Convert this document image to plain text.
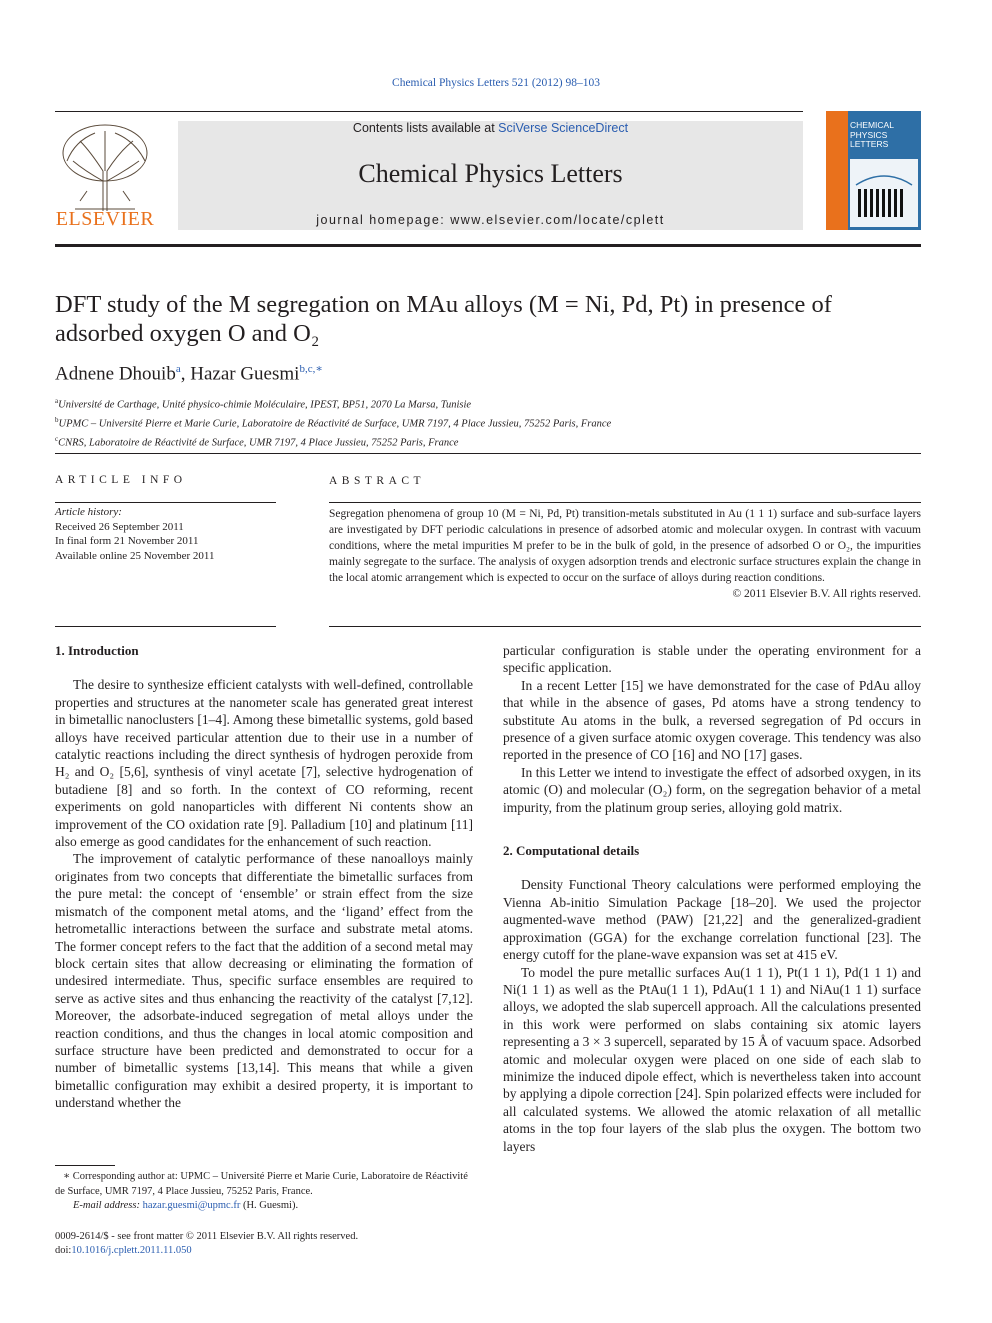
Chemical Physics Letters 521 (2012) 98–103
ELSEVIER
Contents lists available at SciVerse ScienceDirect
Chemical Physics Letters
journal homepage: www.elsevier.com/locate/cplett
CHEMICAL
PHYSICS
LETTERS
DFT study of the M segregation on MAu alloys (M = Ni, Pd, Pt) in presence of adsorbed oxygen O and O₂
Adnene Dhouib$^a$, Hazar Guesmi$^{b,c,∗}$
$^a$Université de Carthage, Unité physico-chimie Moléculaire, IPEST, BP51, 2070 La Marsa, Tunisie
$^b$UPMC – Université Pierre et Marie Curie, Laboratoire de Réactivité de Surface, UMR 7197, 4 Place Jussieu, 75252 Paris, France
$^c$CNRS, Laboratoire de Réactivité de Surface, UMR 7197, 4 Place Jussieu, 75252 Paris, France
ARTICLE INFO
Article history:
Received 26 September 2011
In final form 21 November 2011
Available online 25 November 2011
ABSTRACT
Segregation phenomena of group 10 (M = Ni, Pd, Pt) transition-metals substituted in Au (1 1 1) surface and sub-surface layers are investigated by DFT periodic calculations in presence of adsorbed atomic and molecular oxygen. In contrast with vacuum conditions, where the metal impurities M prefer to be in the bulk of gold, in the presence of adsorbed O or O₂, the impurities mainly segregate to the surface. The analysis of oxygen adsorption trends and electronic surface structures explain the change in the local atomic arrangement which is expected to occur on the surface of alloys during reaction conditions.
© 2011 Elsevier B.V. All rights reserved.
1. Introduction

The desire to synthesize efficient catalysts with well-defined, controllable properties and structures at the nanometer scale has generated great interest in bimetallic nanoclusters [1–4]. Among these bimetallic systems, gold based alloys have received particular attention due to their use in a number of catalytic reactions including the direct synthesis of hydrogen peroxide from H₂ and O₂ [5,6], synthesis of vinyl acetate [7], selective hydrogenation of butadiene [8] and so forth. In the context of CO reforming, recent experiments on gold nanoparticles with different Ni contents show an improvement of the CO oxidation rate [9]. Palladium [10] and platinum [11] also emerge as good candidates for the enhancement of such reaction.

The improvement of catalytic performance of these nanoalloys mainly originates from two concepts that differentiate the bimetallic surfaces from the pure metal: the concept of ‘ensemble’ or strain effect from the size mismatch of the component metal atoms, and the ‘ligand’ effect from the hetrometallic interactions between the surface and substrate metal atoms. The former concept refers to the fact that the addition of a second metal may block certain sites that allow decreasing or eliminating the formation of undesired intermediate. Thus, specific surface ensembles are required to serve as active sites and thus enhancing the reactivity of the catalyst [7,12]. Moreover, the adsorbate-induced segregation of metal alloys under the reaction conditions, and thus the changes in local atomic composition and surface structure have been predicted and demonstrated to occur for a number of bimetallic systems [13,14]. This means that while a given bimetallic configuration may exhibit a desired property, it is important to understand whether the

∗ Corresponding author at: UPMC – Université Pierre et Marie Curie, Laboratoire de Réactivité de Surface, UMR 7197, 4 Place Jussieu, 75252 Paris, France.
E-mail address: hazar.guesmi@upmc.fr (H. Guesmi).

particular configuration is stable under the operating environment for a specific application.

In a recent Letter [15] we have demonstrated for the case of PdAu alloy that while in the absence of gases, Pd atoms have a strong tendency to substitute Au atoms in the bulk, a reversed segregation of Pd occurs in presence of a given surface atomic oxygen coverage. This tendency was also reported in the presence of CO [16] and NO [17] gases.

In this Letter we intend to investigate the effect of adsorbed oxygen, in its atomic (O) and molecular (O₂) form, on the segregation behavior of a metal impurity, from the platinum group series, alloying gold matrix.

2. Computational details

Density Functional Theory calculations were performed employing the Vienna Ab-initio Simulation Package [18–20]. We used the projector augmented-wave method (PAW) [21,22] and the generalized-gradient approximation (GGA) for the exchange correlation functional [23]. The energy cutoff for the plane-wave expansion was set at 415 eV.

To model the pure metallic surfaces Au(1 1 1), Pt(1 1 1), Pd(1 1 1) and Ni(1 1 1) as well as the PtAu(1 1 1), PdAu(1 1 1) and NiAu(1 1 1) surface alloys, we adopted the slab supercell approach. All the calculations presented in this work were performed on slabs containing six atomic layers representing a 3 × 3 supercell, separated by 15 Å of vacuum space. Adsorbed atomic and molecular oxygen were placed on one side of each slab to minimize the induced dipole effect, which is nevertheless taken into account by applying a dipole correction [24]. Spin polarized effects were included for all calculated systems. We allowed the atomic relaxation of all metallic atoms in the top four layers of the slab plus the oxygen. The bottom two layers

0009-2614/$ - see front matter © 2011 Elsevier B.V. All rights reserved.
doi:10.1016/j.cplett.2011.11.050
